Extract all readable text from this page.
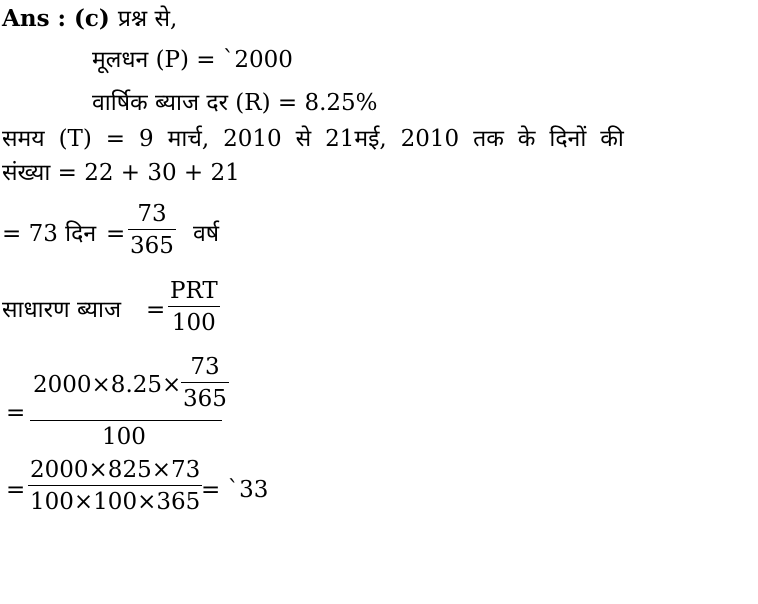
Ans : (c) प्रश्न से,
मूलधन (P) = `2000
वार्षिक ब्याज दर (R) = 8.25%
समय (T) = 9 मार्च, 2010 से 21मई, 2010 तक के दिनों की
संख्या = 22 + 30 + 21
= 73 दिन =
73
365 वर्ष
साधारण ब्याज =
PRT
100
=
2000×8.25×
73
365
100
=
2000×825×73
100×100×365 = `33
